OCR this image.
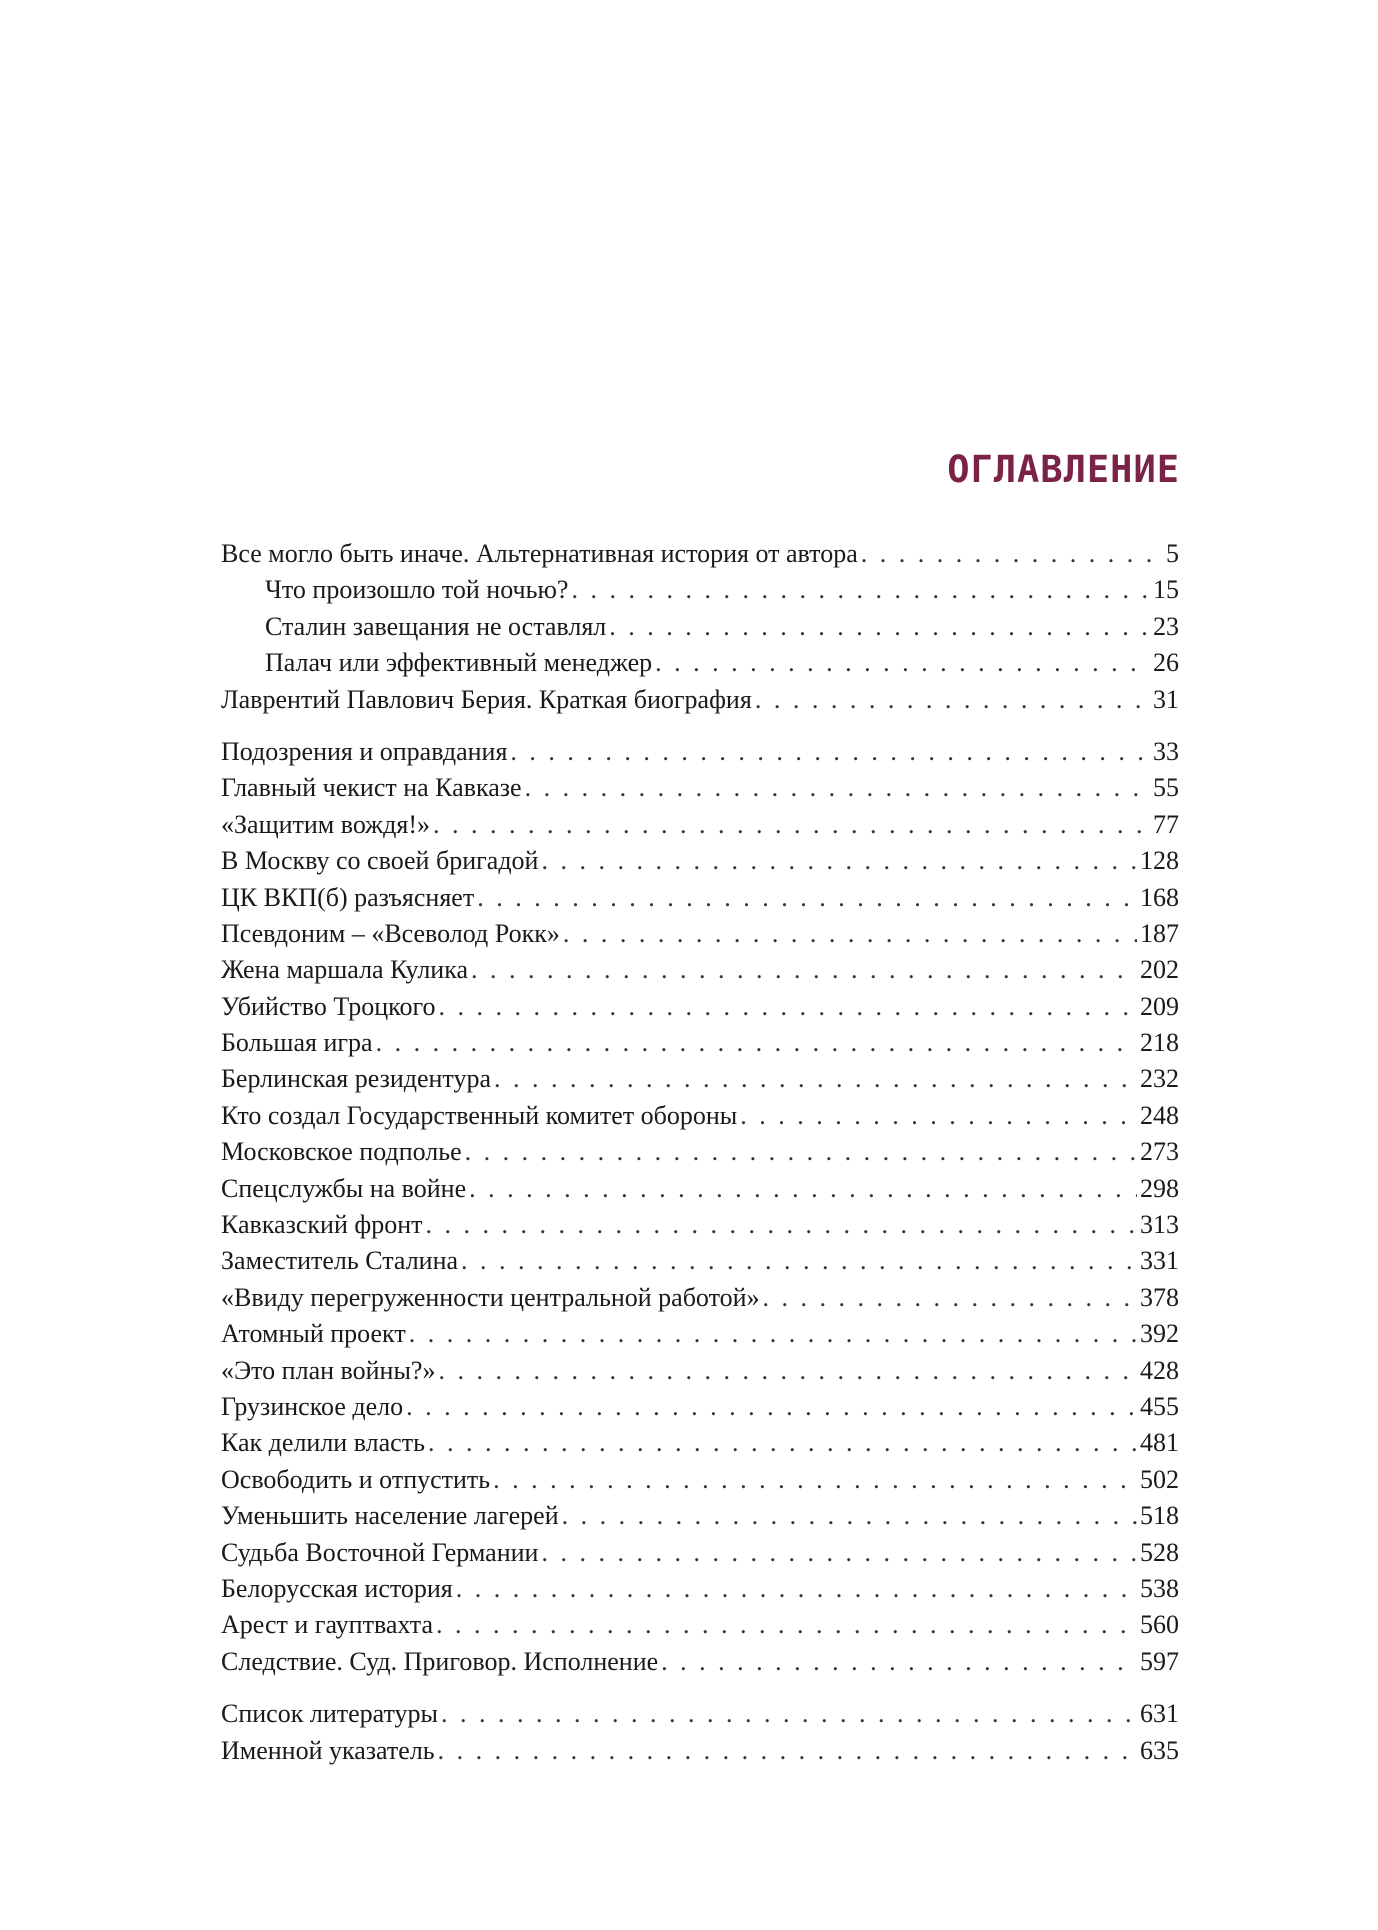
ОГЛАВЛЕНИЕ
Все могло быть иначе. Альтернативная история от автора . . .	5
Что произошло той ночью? . . .	15
Сталин завещания не оставлял . . .	23
Палач или эффективный менеджер . . .	26
Лаврентий Павлович Берия. Краткая биография . . .	31
Подозрения и оправдания . . .	33
Главный чекист на Кавказе . . .	55
«Защитим вождя!» . . .	77
В Москву со своей бригадой . . .	128
ЦК ВКП(б) разъясняет . . .	168
Псевдоним – «Всеволод Рокк» . . .	187
Жена маршала Кулика . . .	202
Убийство Троцкого . . .	209
Большая игра . . .	218
Берлинская резидентура . . .	232
Кто создал Государственный комитет обороны . . .	248
Московское подполье . . .	273
Спецслужбы на войне . . .	298
Кавказский фронт . . .	313
Заместитель Сталина . . .	331
«Ввиду перегруженности центральной работой» . . .	378
Атомный проект . . .	392
«Это план войны?» . . .	428
Грузинское дело . . .	455
Как делили власть . . .	481
Освободить и отпустить . . .	502
Уменьшить население лагерей . . .	518
Судьба Восточной Германии . . .	528
Белорусская история . . .	538
Арест и гауптвахта . . .	560
Следствие. Суд. Приговор. Исполнение . . .	597
Список литературы . . .	631
Именной указатель . . .	635
